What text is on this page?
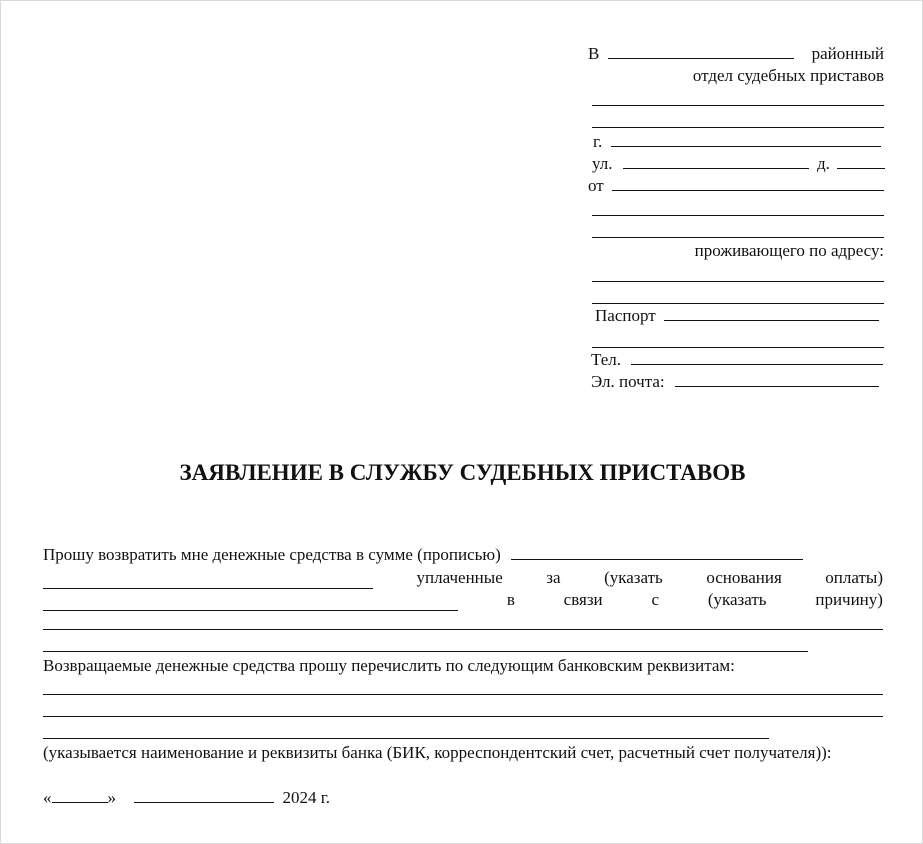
В	районный
отдел судебных приставов
г.
ул.	д.
от
проживающего по адресу:
Паспорт
Тел.
Эл. почта:
ЗАЯВЛЕНИЕ В СЛУЖБУ СУДЕБНЫХ ПРИСТАВОВ
Прошу возвратить мне денежные средства в сумме (прописью)
уплаченные	за	(указать	основания	оплаты)
в	связи	с	(указать	причину)
Возвращаемые денежные средства прошу перечислить по следующим банковским реквизитам:
(указывается наименование и реквизиты банка (БИК, корреспондентский счет, расчетный счет получателя)):
«	»	2024 г.
